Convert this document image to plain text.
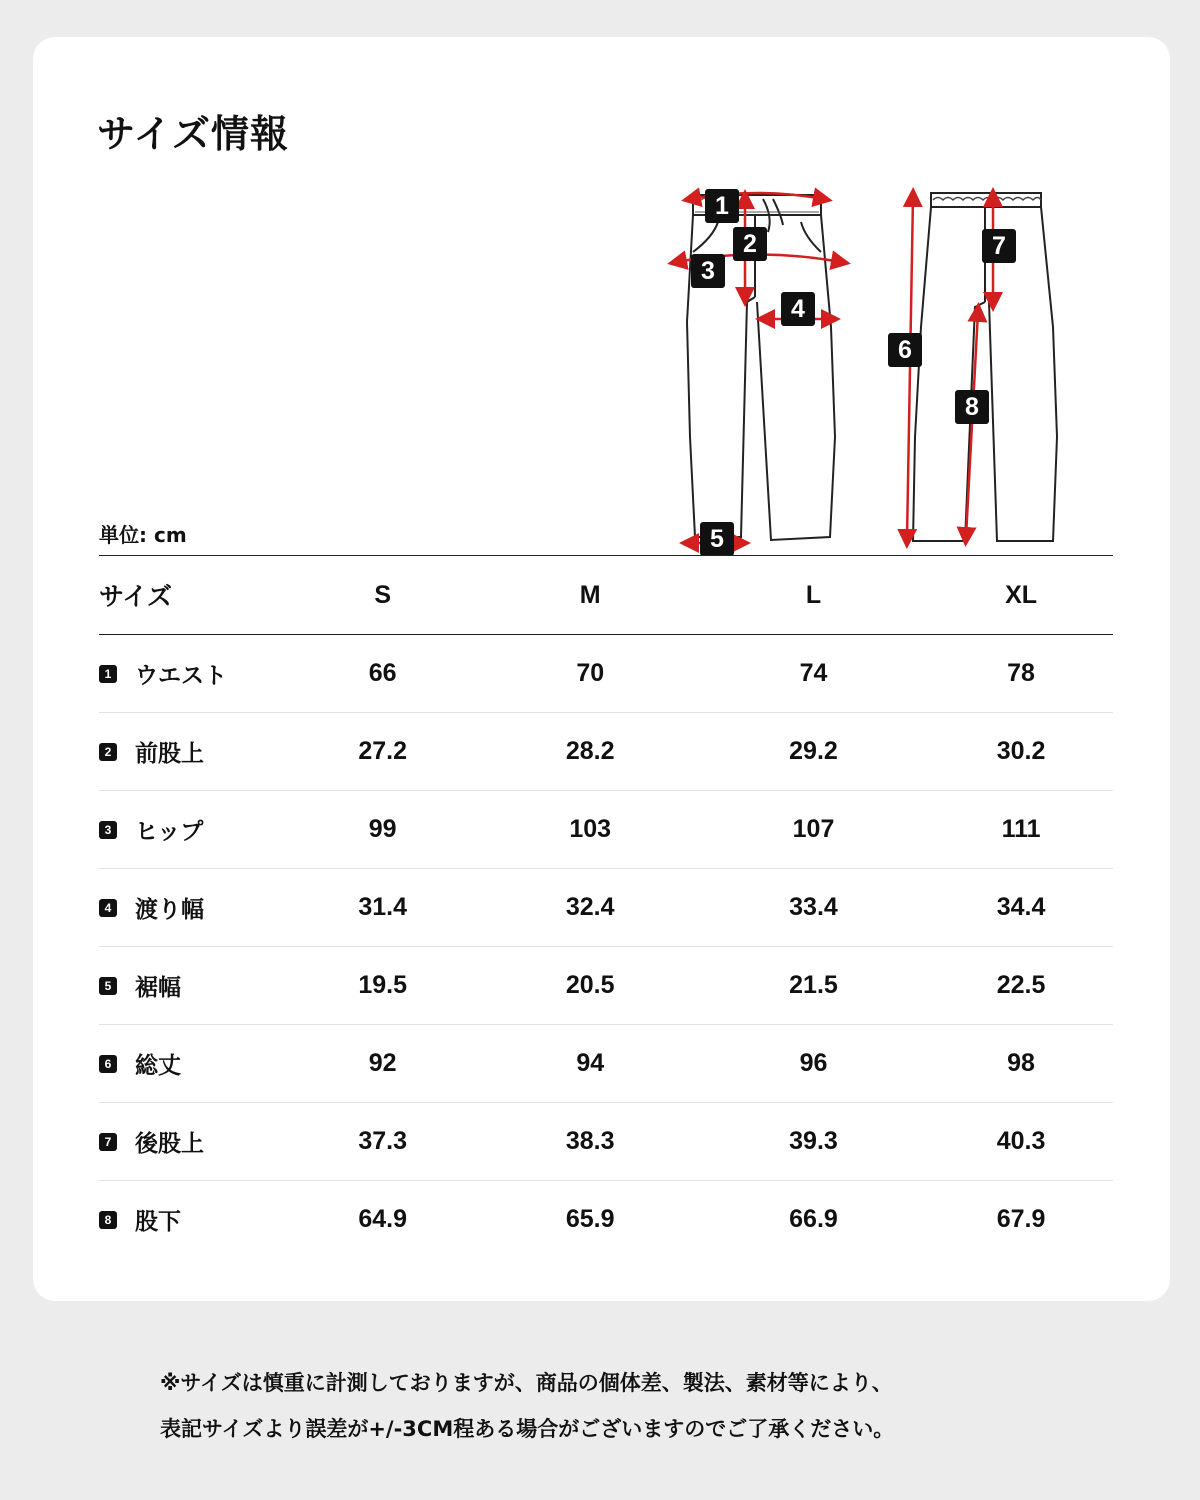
サイズ情報
1
2
3
4
5
6
7
8
単位: cm
サイズ	S	M	L	XL

1 ウエスト	66	70	74	78

2 前股上	27.2	28.2	29.2	30.2

3 ヒップ	99	103	107	111

4 渡り幅	31.4	32.4	33.4	34.4

5 裾幅	19.5	20.5	21.5	22.5

6 総丈	92	94	96	98

7 後股上	37.3	38.3	39.3	40.3

8 股下	64.9	65.9	66.9	67.9
※サイズは慎重に計測しておりますが、商品の個体差、製法、素材等により、
表記サイズより誤差が+/-3CM程ある場合がございますのでご了承ください。
